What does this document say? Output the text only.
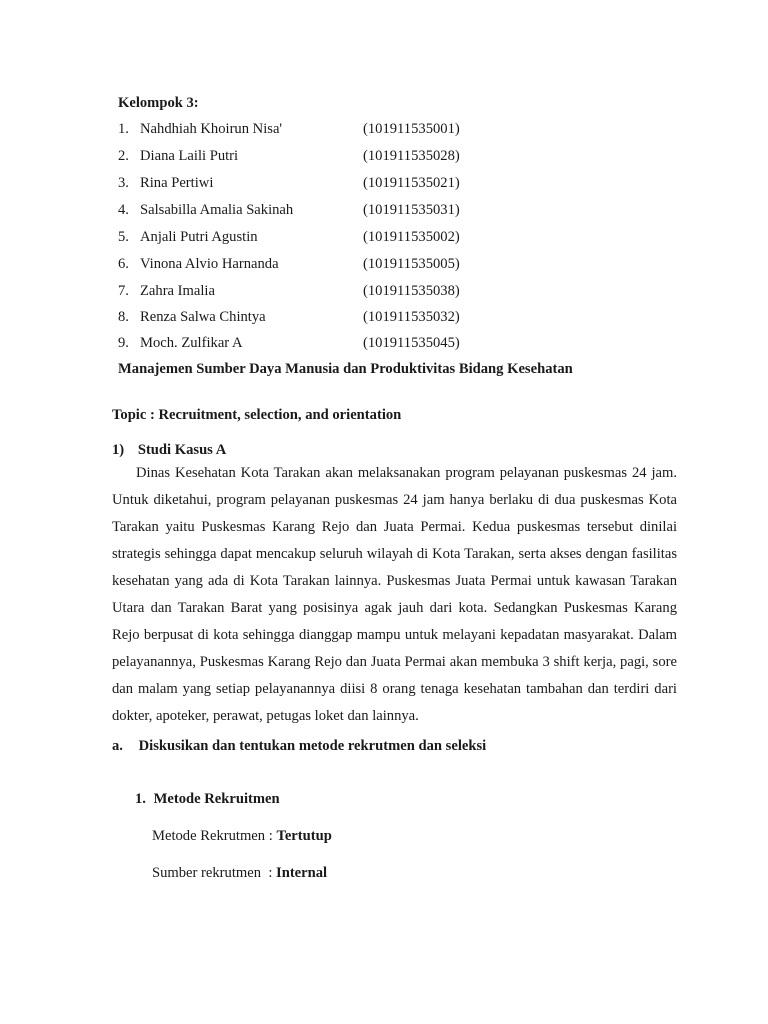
Kelompok 3:
1. Nahdhiah Khoirun Nisa'	(101911535001)
2. Diana Laili Putri	(101911535028)
3. Rina Pertiwi	(101911535021)
4. Salsabilla Amalia Sakinah	(101911535031)
5. Anjali Putri Agustin	(101911535002)
6. Vinona Alvio Harnanda	(101911535005)
7. Zahra Imalia	(101911535038)
8. Renza Salwa Chintya	(101911535032)
9. Moch. Zulfikar A	(101911535045)
Manajemen Sumber Daya Manusia dan Produktivitas Bidang Kesehatan
Topic : Recruitment, selection, and orientation
1) Studi Kasus A
Dinas Kesehatan Kota Tarakan akan melaksanakan program pelayanan puskesmas 24 jam. Untuk diketahui, program pelayanan puskesmas 24 jam hanya berlaku di dua puskesmas Kota Tarakan yaitu Puskesmas Karang Rejo dan Juata Permai. Kedua puskesmas tersebut dinilai strategis sehingga dapat mencakup seluruh wilayah di Kota Tarakan, serta akses dengan fasilitas kesehatan yang ada di Kota Tarakan lainnya. Puskesmas Juata Permai untuk kawasan Tarakan Utara dan Tarakan Barat yang posisinya agak jauh dari kota. Sedangkan Puskesmas Karang Rejo berpusat di kota sehingga dianggap mampu untuk melayani kepadatan masyarakat. Dalam pelayanannya, Puskesmas Karang Rejo dan Juata Permai akan membuka 3 shift kerja, pagi, sore dan malam yang setiap pelayanannya diisi 8 orang tenaga kesehatan tambahan dan terdiri dari dokter, apoteker, perawat, petugas loket dan lainnya.
a. Diskusikan dan tentukan metode rekrutmen dan seleksi
1. Metode Rekruitmen
Metode Rekrutmen : Tertutup
Sumber rekrutmen  : Internal
